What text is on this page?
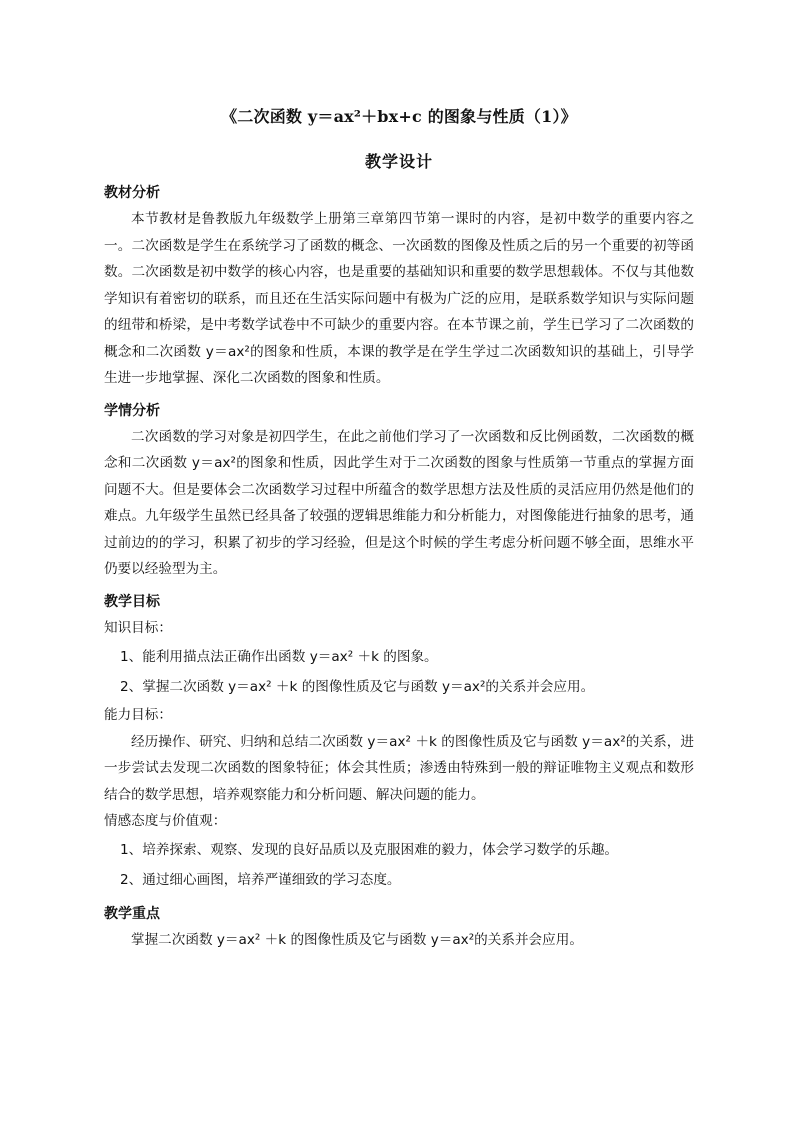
《二次函数 y＝ax²＋bx+c 的图象与性质（1）》
教学设计
教材分析

本节教材是鲁教版九年级数学上册第三章第四节第一课时的内容，是初中数学的重要内容之一。二次函数是学生在系统学习了函数的概念、一次函数的图像及性质之后的另一个重要的初等函数。二次函数是初中数学的核心内容，也是重要的基础知识和重要的数学思想载体。不仅与其他数学知识有着密切的联系，而且还在生活实际问题中有极为广泛的应用，是联系数学知识与实际问题的纽带和桥梁，是中考数学试卷中不可缺少的重要内容。在本节课之前，学生已学习了二次函数的概念和二次函数 y＝ax²的图象和性质，本课的教学是在学生学过二次函数知识的基础上，引导学生进一步地掌握、深化二次函数的图象和性质。

学情分析

二次函数的学习对象是初四学生，在此之前他们学习了一次函数和反比例函数，二次函数的概念和二次函数 y＝ax²的图象和性质，因此学生对于二次函数的图象与性质第一节重点的掌握方面问题不大。但是要体会二次函数学习过程中所蕴含的数学思想方法及性质的灵活应用仍然是他们的难点。九年级学生虽然已经具备了较强的逻辑思维能力和分析能力，对图像能进行抽象的思考，通过前边的的学习，积累了初步的学习经验，但是这个时候的学生考虑分析问题不够全面，思维水平仍要以经验型为主。

教学目标
知识目标：
1、能利用描点法正确作出函数 y＝ax² ＋k 的图象。
2、掌握二次函数 y＝ax² ＋k 的图像性质及它与函数 y＝ax²的关系并会应用。
能力目标：

经历操作、研究、归纳和总结二次函数 y＝ax² ＋k 的图像性质及它与函数 y＝ax²的关系，进一步尝试去发现二次函数的图象特征；体会其性质；渗透由特殊到一般的辩证唯物主义观点和数形结合的数学思想，培养观察能力和分析问题、解决问题的能力。

情感态度与价值观：
1、培养探索、观察、发现的良好品质以及克服困难的毅力，体会学习数学的乐趣。
2、通过细心画图，培养严谨细致的学习态度。
教学重点

掌握二次函数 y＝ax² ＋k 的图像性质及它与函数 y＝ax²的关系并会应用。
